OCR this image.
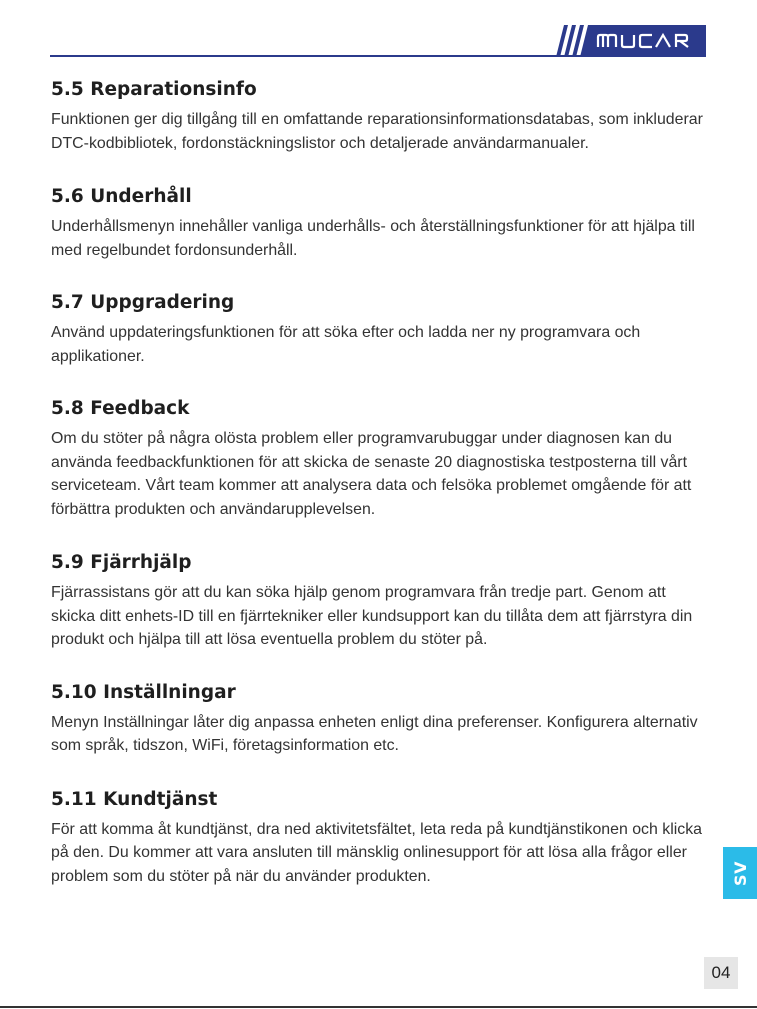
5.5 Reparationsinfo

Funktionen ger dig tillgång till en omfattande reparationsinformationsdatabas, som inkluderar DTC-kodbibliotek, fordonstäckningslistor och detaljerade användarmanualer.

5.6 Underhåll

Underhållsmenyn innehåller vanliga underhålls- och återställningsfunktioner för att hjälpa till med regelbundet fordonsunderhåll.

5.7 Uppgradering

Använd uppdateringsfunktionen för att söka efter och ladda ner ny programvara och applikationer.

5.8 Feedback

Om du stöter på några olösta problem eller programvarubuggar under diagnosen kan du använda feedbackfunktionen för att skicka de senaste 20 diagnostiska testposterna till vårt serviceteam. Vårt team kommer att analysera data och felsöka problemet omgående för att förbättra produkten och användarupplevelsen.

5.9 Fjärrhjälp

Fjärrassistans gör att du kan söka hjälp genom programvara från tredje part. Genom att skicka ditt enhets-ID till en fjärrtekniker eller kundsupport kan du tillåta dem att fjärrstyra din produkt och hjälpa till att lösa eventuella problem du stöter på.

5.10 Inställningar

Menyn Inställningar låter dig anpassa enheten enligt dina preferenser. Konfigurera alternativ som språk, tidszon, WiFi, företagsinformation etc.

5.11 Kundtjänst

För att komma åt kundtjänst, dra ned aktivitetsfältet, leta reda på kundtjänstikonen och klicka på den. Du kommer att vara ansluten till mänsklig onlinesupport för att lösa alla frågor eller problem som du stöter på när du använder produkten.	SV
04
